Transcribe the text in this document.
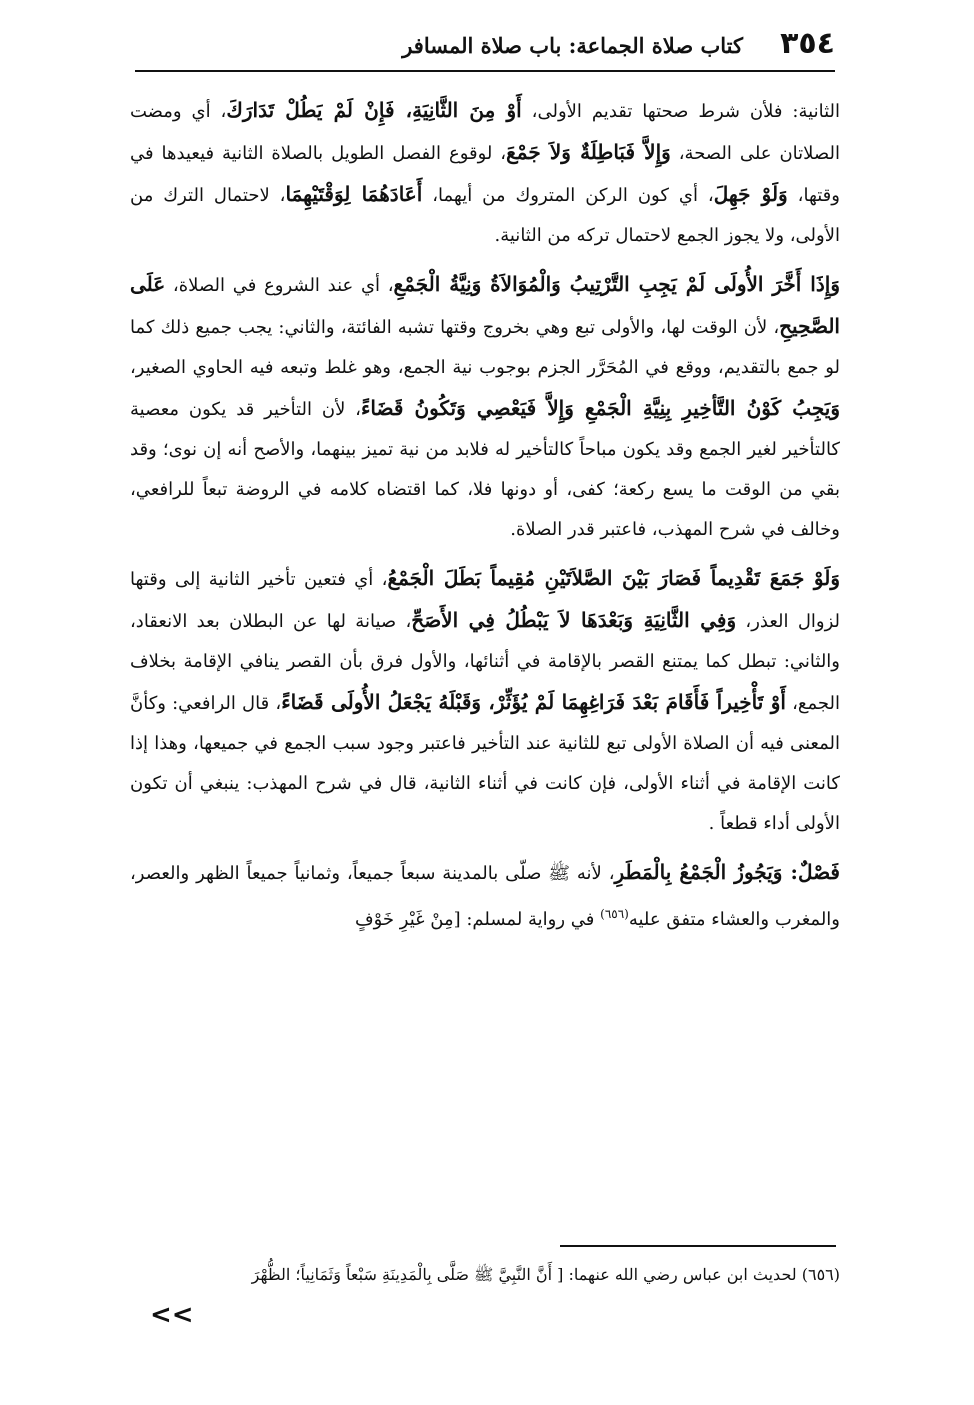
٣٥٤
كتاب صلاة الجماعة: باب صلاة المسافر

الثانية: فلأن شرط صحتها تقديم الأولى، أَوْ مِنَ الثَّانِيَةِ، فَإِنْ لَمْ يَطُلْ تَدَارَكَ، أي ومضت الصلاتان على الصحة، وَإِلاَّ فَبَاطِلَةٌ وَلاَ جَمْعَ، لوقوع الفصل الطويل بالصلاة الثانية فيعيدها في وقتها، وَلَوْ جَهِلَ، أي كون الركن المتروك من أيهما، أَعَادَهُمَا لِوَقْتَيْهِمَا، لاحتمال الترك من الأولى، ولا يجوز الجمع لاحتمال تركه من الثانية.

وَإِذَا أَخَّرَ الأُولَى لَمْ يَجِبِ التَّرْتِيبُ وَالْمُوَالاَةُ وَنِيَّةُ الْجَمْعِ، أي عند الشروع في الصلاة، عَلَى الصَّحِيحِ، لأن الوقت لها، والأولى تبع وهي بخروج وقتها تشبه الفائتة، والثاني: يجب جميع ذلك كما لو جمع بالتقديم، ووقع في المُحَرَّر الجزم بوجوب نية الجمع، وهو غلط وتبعه فيه الحاوي الصغير، وَيَجِبُ كَوْنُ التَّأخِيرِ بِنِيَّةِ الْجَمْعِ وَإِلاَّ فَيَعْصِي وَتَكُونُ قَضَاءً، لأن التأخير قد يكون معصية كالتأخير لغير الجمع وقد يكون مباحاً كالتأخير له فلابد من نية تميز بينهما، والأصح أنه إن نوى؛ وقد بقي من الوقت ما يسع ركعة؛ كفى، أو دونها فلا، كما اقتضاه كلامه في الروضة تبعاً للرافعي، وخالف في شرح المهذب، فاعتبر قدر الصلاة.

وَلَوْ جَمَعَ تَقْدِيماً فَصَارَ بَيْنَ الصَّلاَتَيْنِ مُقِيماً بَطَلَ الْجَمْعُ، أي فتعين تأخير الثانية إلى وقتها لزوال العذر، وَفِي الثَّانِيَةِ وَبَعْدَهَا لاَ يَبْطُلُ فِي الأَصَحِّ، صيانة لها عن البطلان بعد الانعقاد، والثاني: تبطل كما يمتنع القصر بالإقامة في أثنائها، والأول فرق بأن القصر ينافي الإقامة بخلاف الجمع، أَوْ تَأْخِيراً فَأَقَامَ بَعْدَ فَرَاغِهِمَا لَمْ يُؤَثِّرْ، وَقَبْلَهُ يَجْعَلُ الأُولَى قَضَاءً، قال الرافعي: وكأنَّ المعنى فيه أن الصلاة الأولى تبع للثانية عند التأخير فاعتبر وجود سبب الجمع في جميعها، وهذا إذا كانت الإقامة في أثناء الأولى، فإن كانت في أثناء الثانية، قال في شرح المهذب: ينبغي أن تكون الأولى أداء قطعاً .

فَصْلٌ: وَيَجُوزُ الْجَمْعُ بِالْمَطَرِ، لأنه ﷺ صلّى بالمدينة سبعاً جميعاً، وثمانياً جميعاً الظهر والعصر، والمغرب والعشاء متفق عليه$^{(٦٥٦)}$ في رواية لمسلم: [مِنْ غَيْرِ خَوْفٍ

(٦٥٦) لحديث ابن عباس رضي الله عنهما: [ أَنَّ النَّبِيَّ ﷺ صَلَّى بِالْمَدِينَةِ سَبْعاً وَثَمَانِياً؛ الظُّهْرَ
<<
